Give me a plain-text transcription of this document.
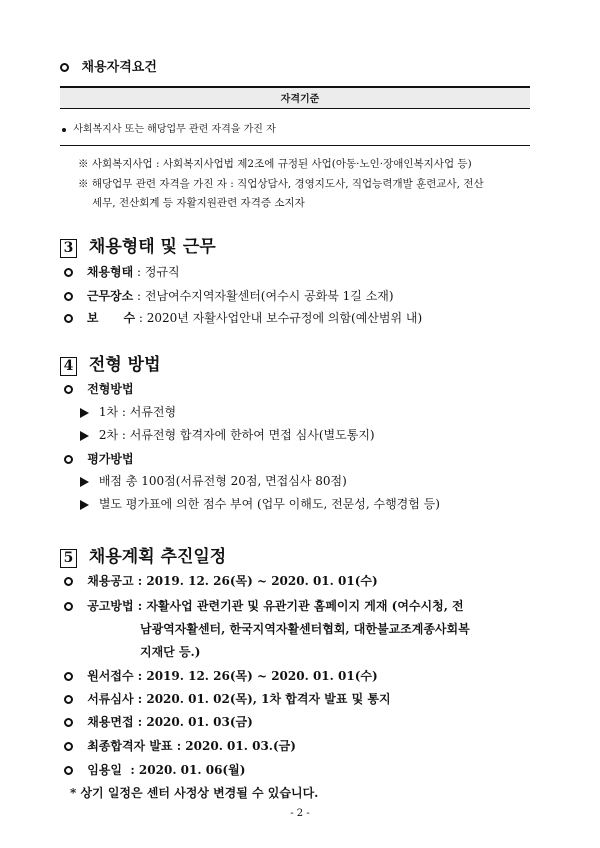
채용자격요건
자격기준
사회복지사 또는 해당업무 관련 자격을 가진 자
※ 사회복지사업 : 사회복지사업법 제2조에 규정된 사업(아동·노인·장애인복지사업 등)
※ 해당업무 관련 자격을 가진 자 : 직업상담사, 경영지도사, 직업능력개발 훈련교사, 전산
세무, 전산회계 등 자활지원관련 자격증 소지자
3 채용형태 및 근무
채용형태 : 정규직
근무장소 : 전남여수지역자활센터(여수시 공화북 1길 소재)
보      수 : 2020년 자활사업안내 보수규정에 의함(예산범위 내)
4 전형 방법
전형방법
1차 : 서류전형
2차 : 서류전형 합격자에 한하여 면접 심사(별도통지)
평가방법
배점 총 100점(서류전형 20점, 면접심사 80점)
별도 평가표에 의한 점수 부여 (업무 이해도, 전문성, 수행경험 등)
5 채용계획 추진일정
채용공고 : 2019. 12. 26(목) ~ 2020. 01. 01(수)
공고방법 : 자활사업 관련기관 및 유관기관 홈페이지 게재 (여수시청, 전
남광역자활센터, 한국지역자활센터협회, 대한불교조계종사회복
지재단 등.)
원서접수 : 2019. 12. 26(목) ~ 2020. 01. 01(수)
서류심사 : 2020. 01. 02(목), 1차 합격자 발표 및 통지
채용면접 : 2020. 01. 03(금)
최종합격자 발표 : 2020. 01. 03.(금)
임용일  : 2020. 01. 06(월)
* 상기 일정은 센터 사정상 변경될 수 있습니다.
- 2 -
